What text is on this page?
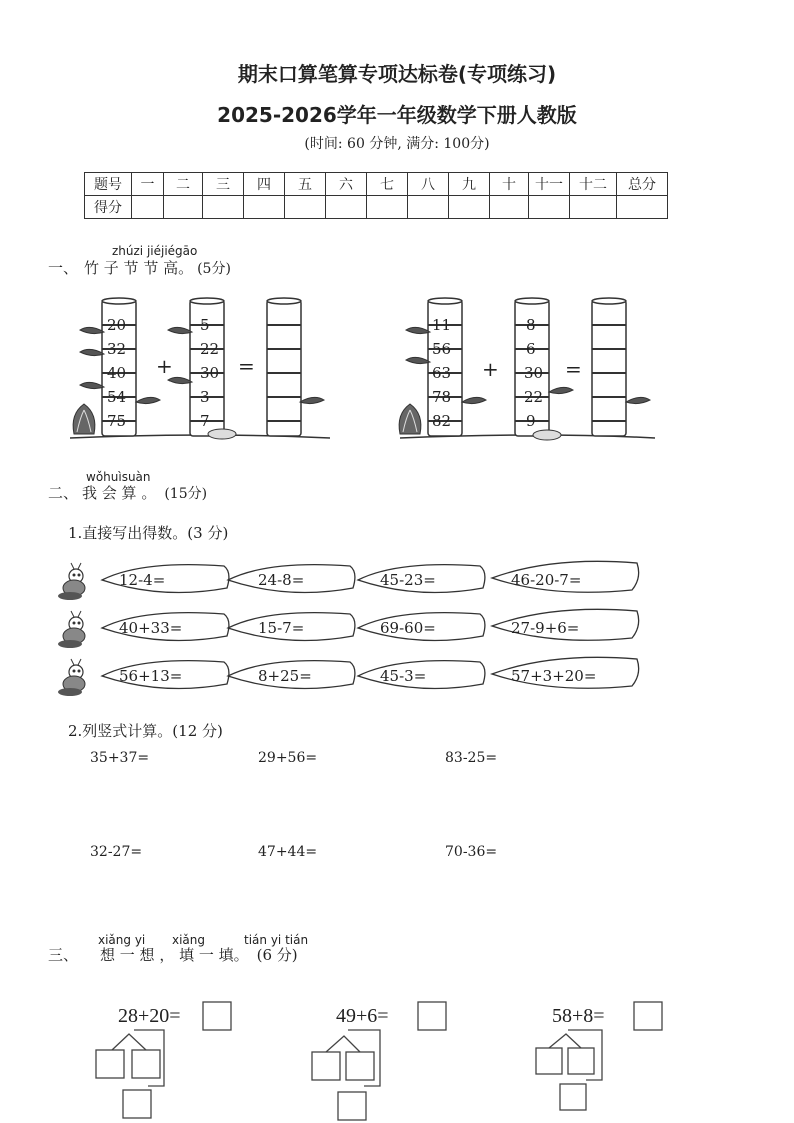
期末口算笔算专项达标卷(专项练习)
2025-2026学年一年级数学下册人教版
(时间: 60 分钟, 满分: 100分)
题号	一	二	三	四	五	六	七	八	九	十	十一	十二	总分
得分													
zhúzi jiéjiégāo
一、 竹 子 节 节 高。 (5分)
20
32
40
54
75
5
22
30
3
7
+	=
11
56
63
78
82
8
6
30
22
9
+	=
wǒhuìsuàn
二、 我 会 算 。 (15分)
1.直接写出得数。(3 分)
12-4=	24-8=	45-23=	46-20-7=
40+33=	15-7=	69-60=	27-9+6=
56+13=	8+25=	45-3=	57+3+20=
2.列竖式计算。(12 分)
35+37=	29+56=	83-25=
32-27=	47+44=	70-36=
xiǎng yi xiǎng	tián yi tián
三、 想 一 想 ， 填 一 填。 (6 分)
28+20=	49+6=	58+8=
